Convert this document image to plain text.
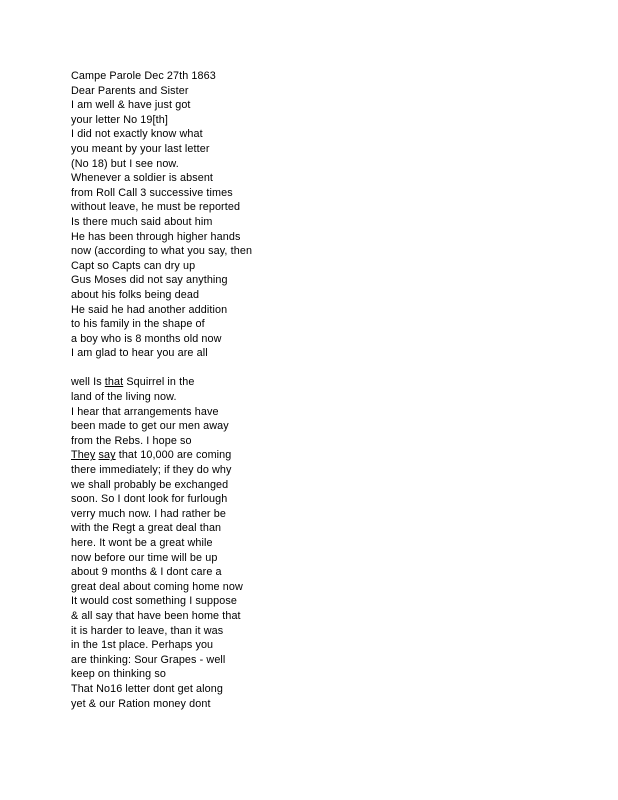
Campe Parole Dec 27th 1863
Dear Parents and Sister
I am well & have just got
your letter No 19[th]
I did not exactly know what
you meant by your last letter
(No 18) but I see now.
Whenever a soldier is absent
from Roll Call 3 successive times
without leave, he must be reported
Is there much said about him
He has been through higher hands
now (according to what you say, then
Capt so Capts can dry up
Gus Moses did not say anything
about his folks being dead
He said he had another addition
to his family in the shape of
a boy who is 8 months old now
I am glad to hear you are all
well Is that Squirrel in the
land of the living now.
I hear that arrangements have
been made to get our men away
from the Rebs. I hope so
They say that 10,000 are coming
there immediately; if they do why
we shall probably be exchanged
soon. So I dont look for furlough
verry much now. I had rather be
with the Regt a great deal than
here. It wont be a great while
now before our time will be up
about 9 months & I dont care a
great deal about coming home now
It would cost something I suppose
& all say that have been home that
it is harder to leave, than it was
in the 1st place. Perhaps you
are thinking: Sour Grapes - well
keep on thinking so
That No16 letter dont get along
yet & our Ration money dont
